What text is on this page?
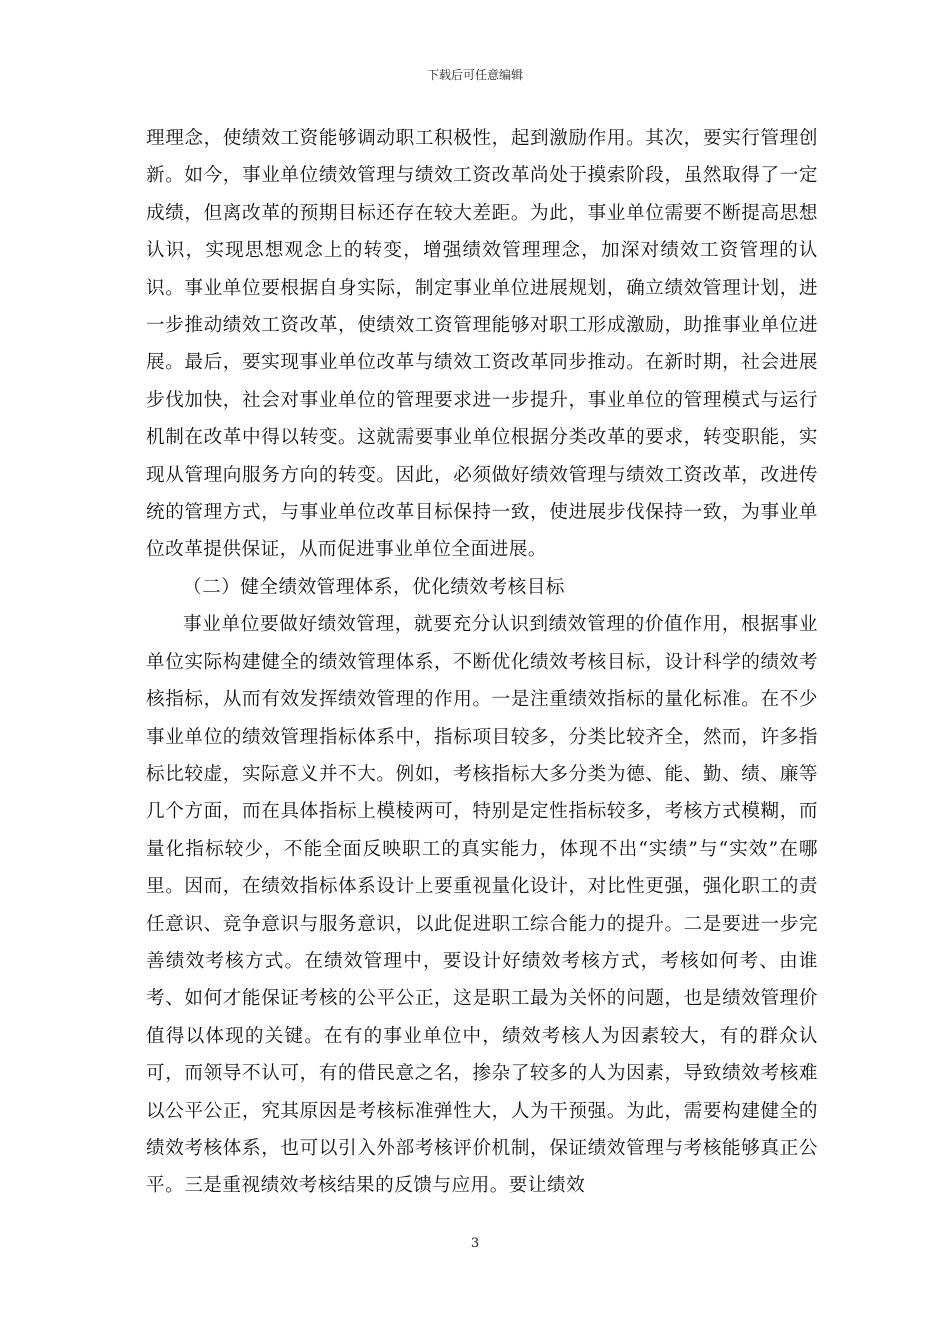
下载后可任意编辑

理理念，使绩效工资能够调动职工积极性，起到激励作用。其次，要实行管理创新。如今，事业单位绩效管理与绩效工资改革尚处于摸索阶段，虽然取得了一定成绩，但离改革的预期目标还存在较大差距。为此，事业单位需要不断提高思想认识，实现思想观念上的转变，增强绩效管理理念，加深对绩效工资管理的认识。事业单位要根据自身实际，制定事业单位进展规划，确立绩效管理计划，进一步推动绩效工资改革，使绩效工资管理能够对职工形成激励，助推事业单位进展。最后，要实现事业单位改革与绩效工资改革同步推动。在新时期，社会进展步伐加快，社会对事业单位的管理要求进一步提升，事业单位的管理模式与运行机制在改革中得以转变。这就需要事业单位根据分类改革的要求，转变职能，实现从管理向服务方向的转变。因此，必须做好绩效管理与绩效工资改革，改进传统的管理方式，与事业单位改革目标保持一致，使进展步伐保持一致，为事业单位改革提供保证，从而促进事业单位全面进展。

（二）健全绩效管理体系，优化绩效考核目标

事业单位要做好绩效管理，就要充分认识到绩效管理的价值作用，根据事业单位实际构建健全的绩效管理体系，不断优化绩效考核目标，设计科学的绩效考核指标，从而有效发挥绩效管理的作用。一是注重绩效指标的量化标准。在不少事业单位的绩效管理指标体系中，指标项目较多，分类比较齐全，然而，许多指标比较虚，实际意义并不大。例如，考核指标大多分类为德、能、勤、绩、廉等几个方面，而在具体指标上模棱两可，特别是定性指标较多，考核方式模糊，而量化指标较少，不能全面反映职工的真实能力，体现不出“实绩”与“实效”在哪里。因而，在绩效指标体系设计上要重视量化设计，对比性更强，强化职工的责任意识、竞争意识与服务意识，以此促进职工综合能力的提升。二是要进一步完善绩效考核方式。在绩效管理中，要设计好绩效考核方式，考核如何考、由谁考、如何才能保证考核的公平公正，这是职工最为关怀的问题，也是绩效管理价值得以体现的关键。在有的事业单位中，绩效考核人为因素较大，有的群众认可，而领导不认可，有的借民意之名，掺杂了较多的人为因素，导致绩效考核难以公平公正，究其原因是考核标准弹性大，人为干预强。为此，需要构建健全的绩效考核体系，也可以引入外部考核评价机制，保证绩效管理与考核能够真正公平。三是重视绩效考核结果的反馈与应用。要让绩效

3
